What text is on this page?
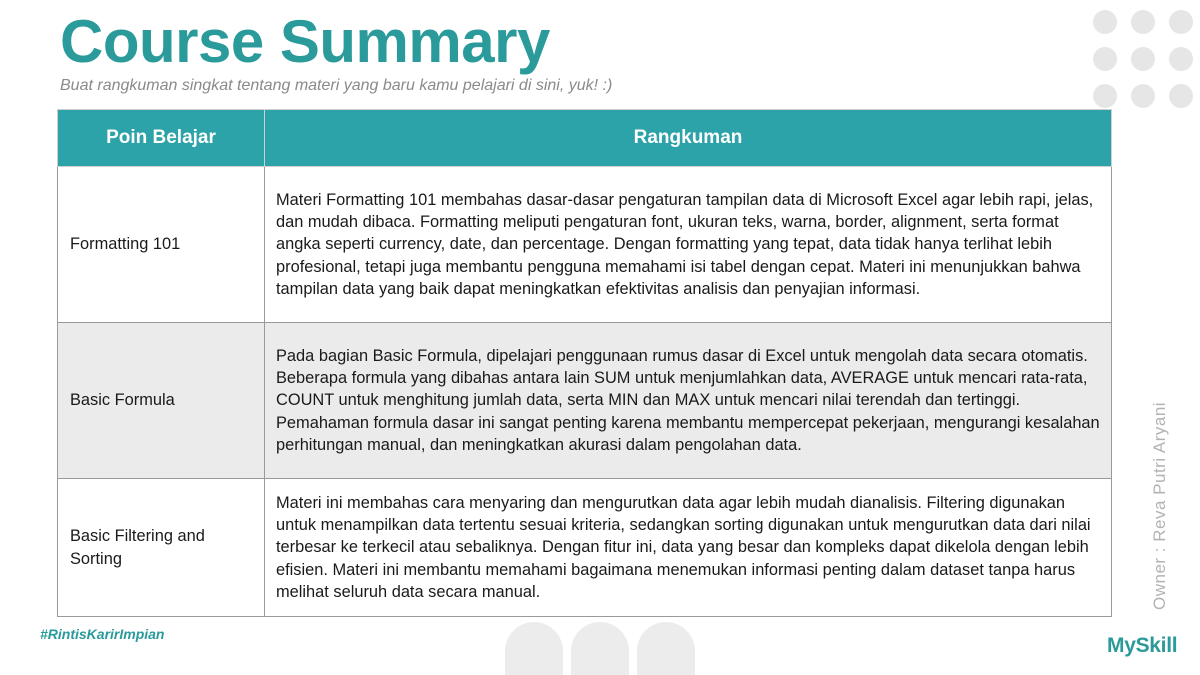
Course Summary
Buat rangkuman singkat tentang materi yang baru kamu pelajari di sini, yuk! :)
Poin Belajar	Rangkuman
Formatting 101	Materi Formatting 101 membahas dasar-dasar pengaturan tampilan data di Microsoft Excel agar lebih rapi, jelas, dan mudah dibaca. Formatting meliputi pengaturan font, ukuran teks, warna, border, alignment, serta format angka seperti currency, date, dan percentage. Dengan formatting yang tepat, data tidak hanya terlihat lebih profesional, tetapi juga membantu pengguna memahami isi tabel dengan cepat. Materi ini menunjukkan bahwa tampilan data yang baik dapat meningkatkan efektivitas analisis dan penyajian informasi.
Basic Formula	Pada bagian Basic Formula, dipelajari penggunaan rumus dasar di Excel untuk mengolah data secara otomatis. Beberapa formula yang dibahas antara lain SUM untuk menjumlahkan data, AVERAGE untuk mencari rata-rata, COUNT untuk menghitung jumlah data, serta MIN dan MAX untuk mencari nilai terendah dan tertinggi. Pemahaman formula dasar ini sangat penting karena membantu mempercepat pekerjaan, mengurangi kesalahan perhitungan manual, dan meningkatkan akurasi dalam pengolahan data.
Basic Filtering and Sorting	Materi ini membahas cara menyaring dan mengurutkan data agar lebih mudah dianalisis. Filtering digunakan untuk menampilkan data tertentu sesuai kriteria, sedangkan sorting digunakan untuk mengurutkan data dari nilai terbesar ke terkecil atau sebaliknya. Dengan fitur ini, data yang besar dan kompleks dapat dikelola dengan lebih efisien. Materi ini membantu memahami bagaimana menemukan informasi penting dalam dataset tanpa harus melihat seluruh data secara manual.	Owner : Reva Putri Aryani
#RintisKarirImpian	MySkill
